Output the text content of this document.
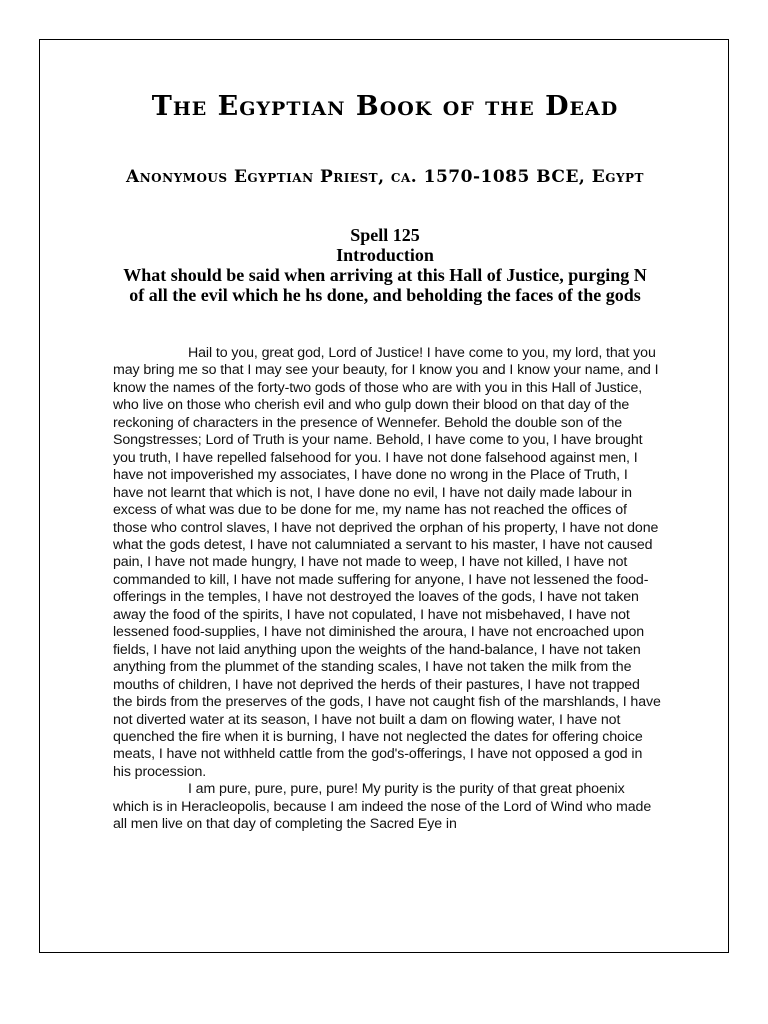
The Egyptian Book of the Dead
Anonymous Egyptian Priest, ca. 1570-1085 BCE, Egypt
Spell 125
Introduction
What should be said when arriving at this Hall of Justice, purging N of all the evil which he hs done, and beholding the faces of the gods

Hail to you, great god, Lord of Justice! I have come to you, my lord, that you may bring me so that I may see your beauty, for I know you and I know your name, and I know the names of the forty-two gods of those who are with you in this Hall of Justice, who live on those who cherish evil and who gulp down their blood on that day of the reckoning of characters in the presence of Wennefer. Behold the double son of the Songstresses; Lord of Truth is your name. Behold, I have come to you, I have brought you truth, I have repelled falsehood for you. I have not done falsehood against men, I have not impoverished my associates, I have done no wrong in the Place of Truth, I have not learnt that which is not, I have done no evil, I have not daily made labour in excess of what was due to be done for me, my name has not reached the offices of those who control slaves, I have not deprived the orphan of his property, I have not done what the gods detest, I have not calumniated a servant to his master, I have not caused pain, I have not made hungry, I have not made to weep, I have not killed, I have not commanded to kill, I have not made suffering for anyone, I have not lessened the food-offerings in the temples, I have not destroyed the loaves of the gods, I have not taken away the food of the spirits, I have not copulated, I have not misbehaved, I have not lessened food-supplies, I have not diminished the aroura, I have not encroached upon fields, I have not laid anything upon the weights of the hand-balance, I have not taken anything from the plummet of the standing scales, I have not taken the milk from the mouths of children, I have not deprived the herds of their pastures, I have not trapped the birds from the preserves of the gods, I have not caught fish of the marshlands, I have not diverted water at its season, I have not built a dam on flowing water, I have not quenched the fire when it is burning, I have not neglected the dates for offering choice meats, I have not withheld cattle from the god's-offerings, I have not opposed a god in his procession.

I am pure, pure, pure, pure! My purity is the purity of that great phoenix which is in Heracleopolis, because I am indeed the nose of the Lord of Wind who made all men live on that day of completing the Sacred Eye in
